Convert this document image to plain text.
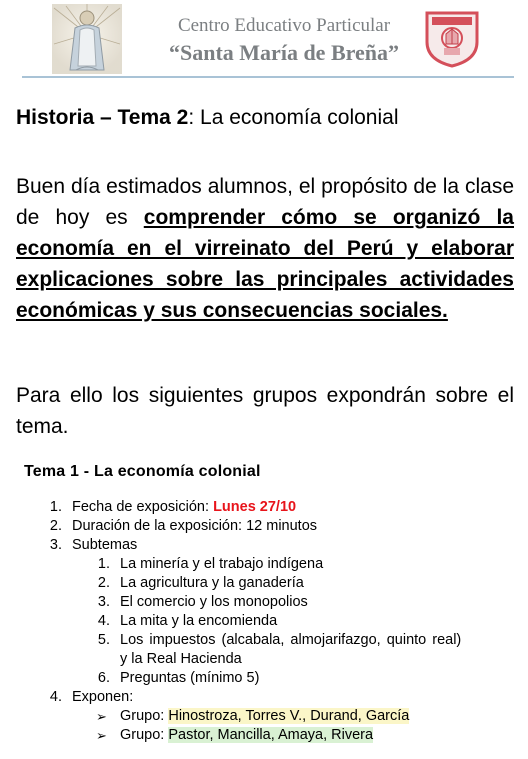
Centro Educativo Particular
“Santa María de Breña”
Historia – Tema 2: La economía colonial
Buen día estimados alumnos, el propósito de la clase de hoy es comprender cómo se organizó la economía en el virreinato del Perú y elaborar explicaciones sobre las principales actividades económicas y sus consecuencias sociales.
Para ello los siguientes grupos expondrán sobre el tema.
Tema 1 - La economía colonial
1. Fecha de exposición: Lunes 27/10
2. Duración de la exposición: 12 minutos
3. Subtemas
1. La minería y el trabajo indígena
2. La agricultura y la ganadería
3. El comercio y los monopolios
4. La mita y la encomienda
5. Los impuestos (alcabala, almojarifazgo, quinto real)
y la Real Hacienda
6. Preguntas (mínimo 5)
4. Exponen:
➢ Grupo: Hinostroza, Torres V., Durand, García
➢ Grupo: Pastor, Mancilla, Amaya, Rivera
